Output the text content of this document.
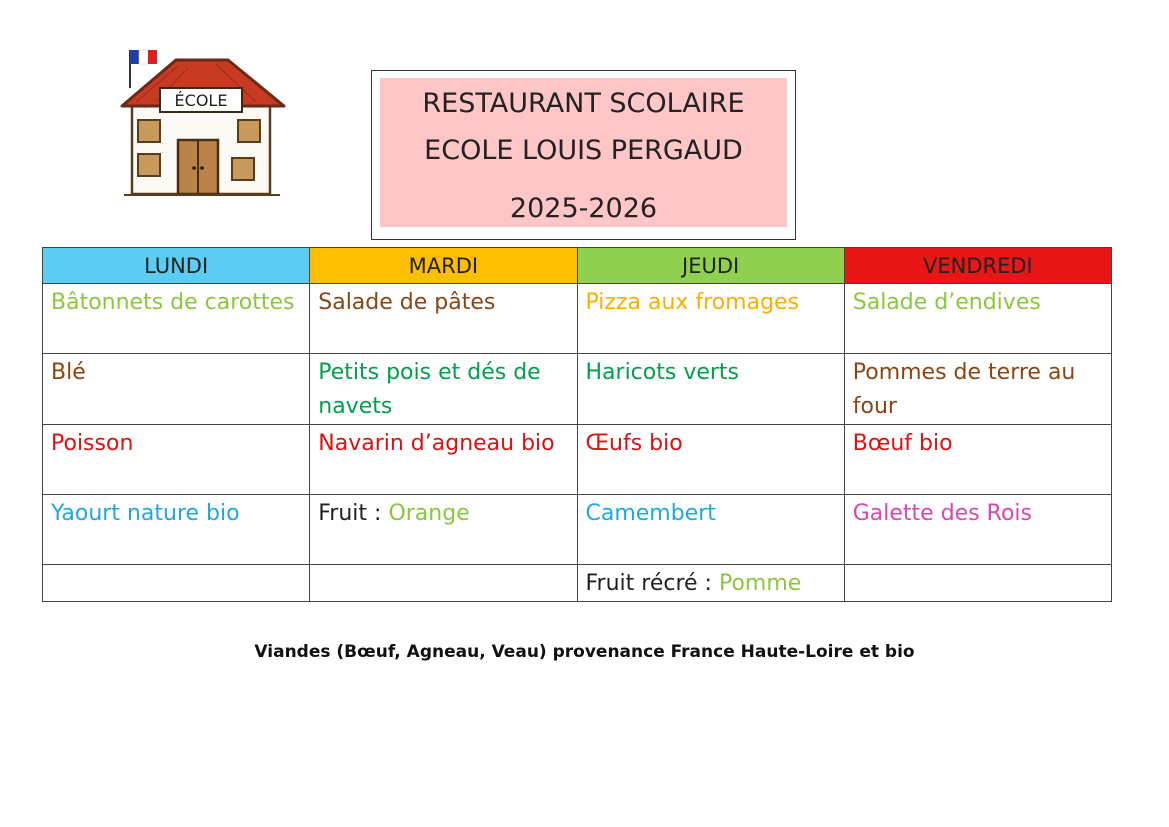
ÉCOLE	RESTAURANT SCOLAIRE
ECOLE LOUIS PERGAUD
2025-2026
LUNDI	MARDI	JEUDI	VENDREDI
Bâtonnets de carottes	Salade de pâtes	Pizza aux fromages	Salade d’endives
Blé	Petits pois et dés de navets	Haricots verts	Pommes de terre au four
Poisson	Navarin d’agneau bio	Œufs bio	Bœuf bio
Yaourt nature bio	Fruit : Orange	Camembert	Galette des Rois
		Fruit récré : Pomme	
Viandes (Bœuf, Agneau, Veau) provenance France Haute-Loire et bio
